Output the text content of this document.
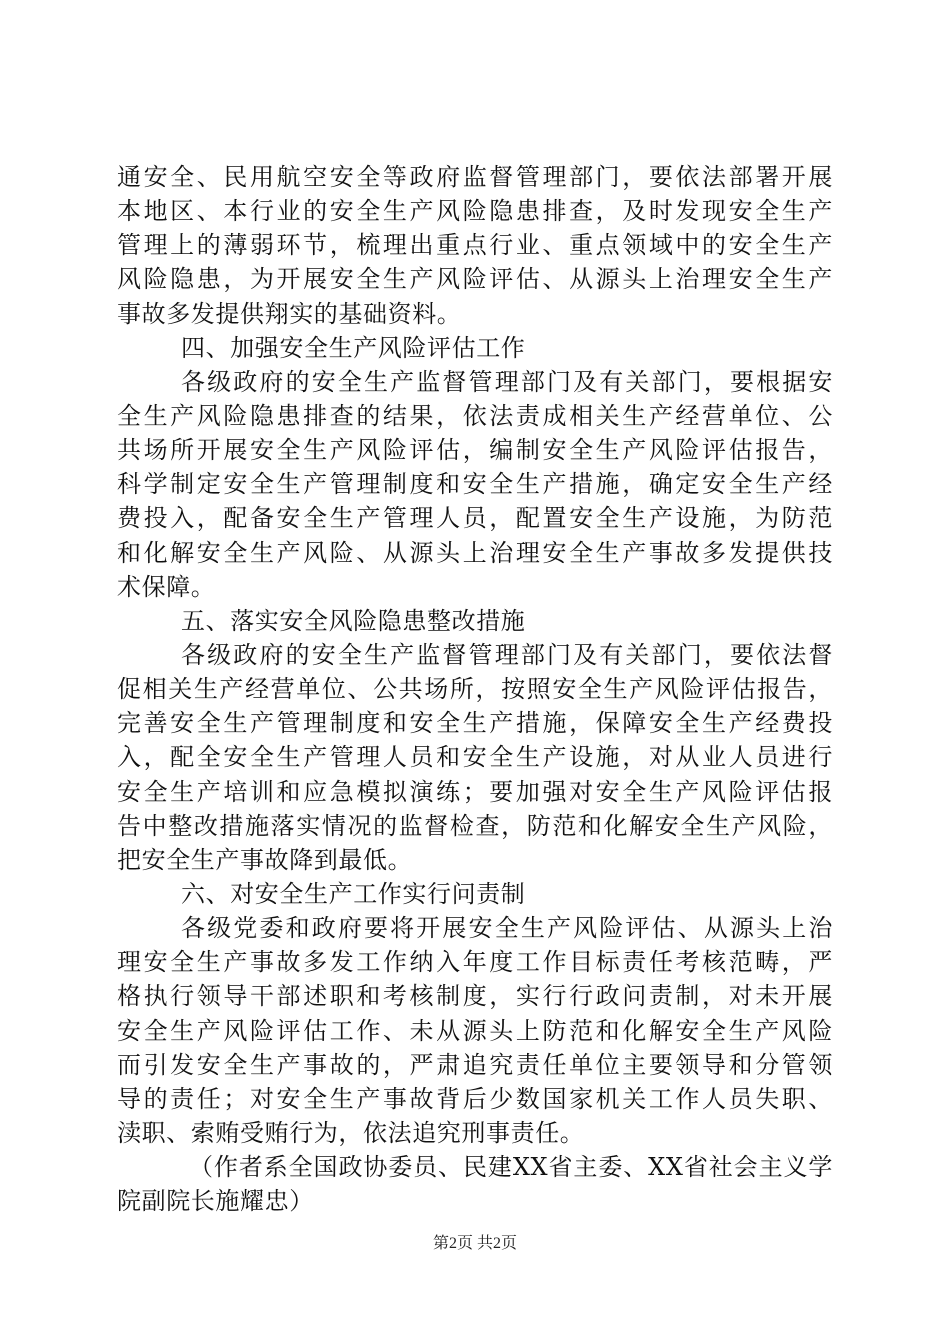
通安全、民用航空安全等政府监督管理部门，要依法部署开展
本地区、本行业的安全生产风险隐患排查，及时发现安全生产
管理上的薄弱环节，梳理出重点行业、重点领域中的安全生产
风险隐患，为开展安全生产风险评估、从源头上治理安全生产
事故多发提供翔实的基础资料。
四、加强安全生产风险评估工作
各级政府的安全生产监督管理部门及有关部门，要根据安
全生产风险隐患排查的结果，依法责成相关生产经营单位、公
共场所开展安全生产风险评估，编制安全生产风险评估报告，
科学制定安全生产管理制度和安全生产措施，确定安全生产经
费投入，配备安全生产管理人员，配置安全生产设施，为防范
和化解安全生产风险、从源头上治理安全生产事故多发提供技
术保障。
五、落实安全风险隐患整改措施
各级政府的安全生产监督管理部门及有关部门，要依法督
促相关生产经营单位、公共场所，按照安全生产风险评估报告，
完善安全生产管理制度和安全生产措施，保障安全生产经费投
入，配全安全生产管理人员和安全生产设施，对从业人员进行
安全生产培训和应急模拟演练；要加强对安全生产风险评估报
告中整改措施落实情况的监督检查，防范和化解安全生产风险，
把安全生产事故降到最低。
六、对安全生产工作实行问责制
各级党委和政府要将开展安全生产风险评估、从源头上治
理安全生产事故多发工作纳入年度工作目标责任考核范畴，严
格执行领导干部述职和考核制度，实行行政问责制，对未开展
安全生产风险评估工作、未从源头上防范和化解安全生产风险
而引发安全生产事故的，严肃追究责任单位主要领导和分管领
导的责任；对安全生产事故背后少数国家机关工作人员失职、
渎职、索贿受贿行为，依法追究刑事责任。
（作者系全国政协委员、民建XX省主委、XX省社会主义学
院副院长施耀忠）
第2页 共2页
